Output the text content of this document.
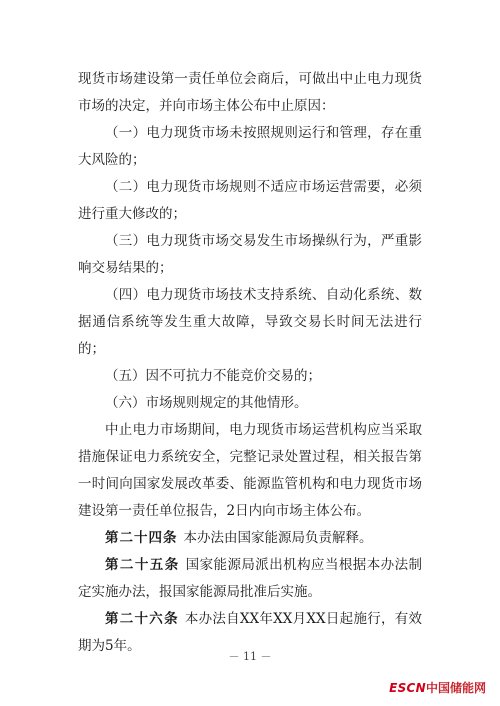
现货市场建设第一责任单位会商后，可做出中止电力现货市场的决定，并向市场主体公布中止原因：

（一）电力现货市场未按照规则运行和管理，存在重大风险的；

（二）电力现货市场规则不适应市场运营需要，必须进行重大修改的；

（三）电力现货市场交易发生市场操纵行为，严重影响交易结果的；

（四）电力现货市场技术支持系统、自动化系统、数据通信系统等发生重大故障，导致交易长时间无法进行的；

（五）因不可抗力不能竞价交易的；

（六）市场规则规定的其他情形。

中止电力市场期间，电力现货市场运营机构应当采取措施保证电力系统安全，完整记录处置过程，相关报告第一时间向国家发展改革委、能源监管机构和电力现货市场建设第一责任单位报告，2日内向市场主体公布。

第二十四条 本办法由国家能源局负责解释。

第二十五条 国家能源局派出机构应当根据本办法制定实施办法，报国家能源局批准后实施。

第二十六条 本办法自XX年XX月XX日起施行，有效期为5年。

－ 11 －
ESCN中国储能网
